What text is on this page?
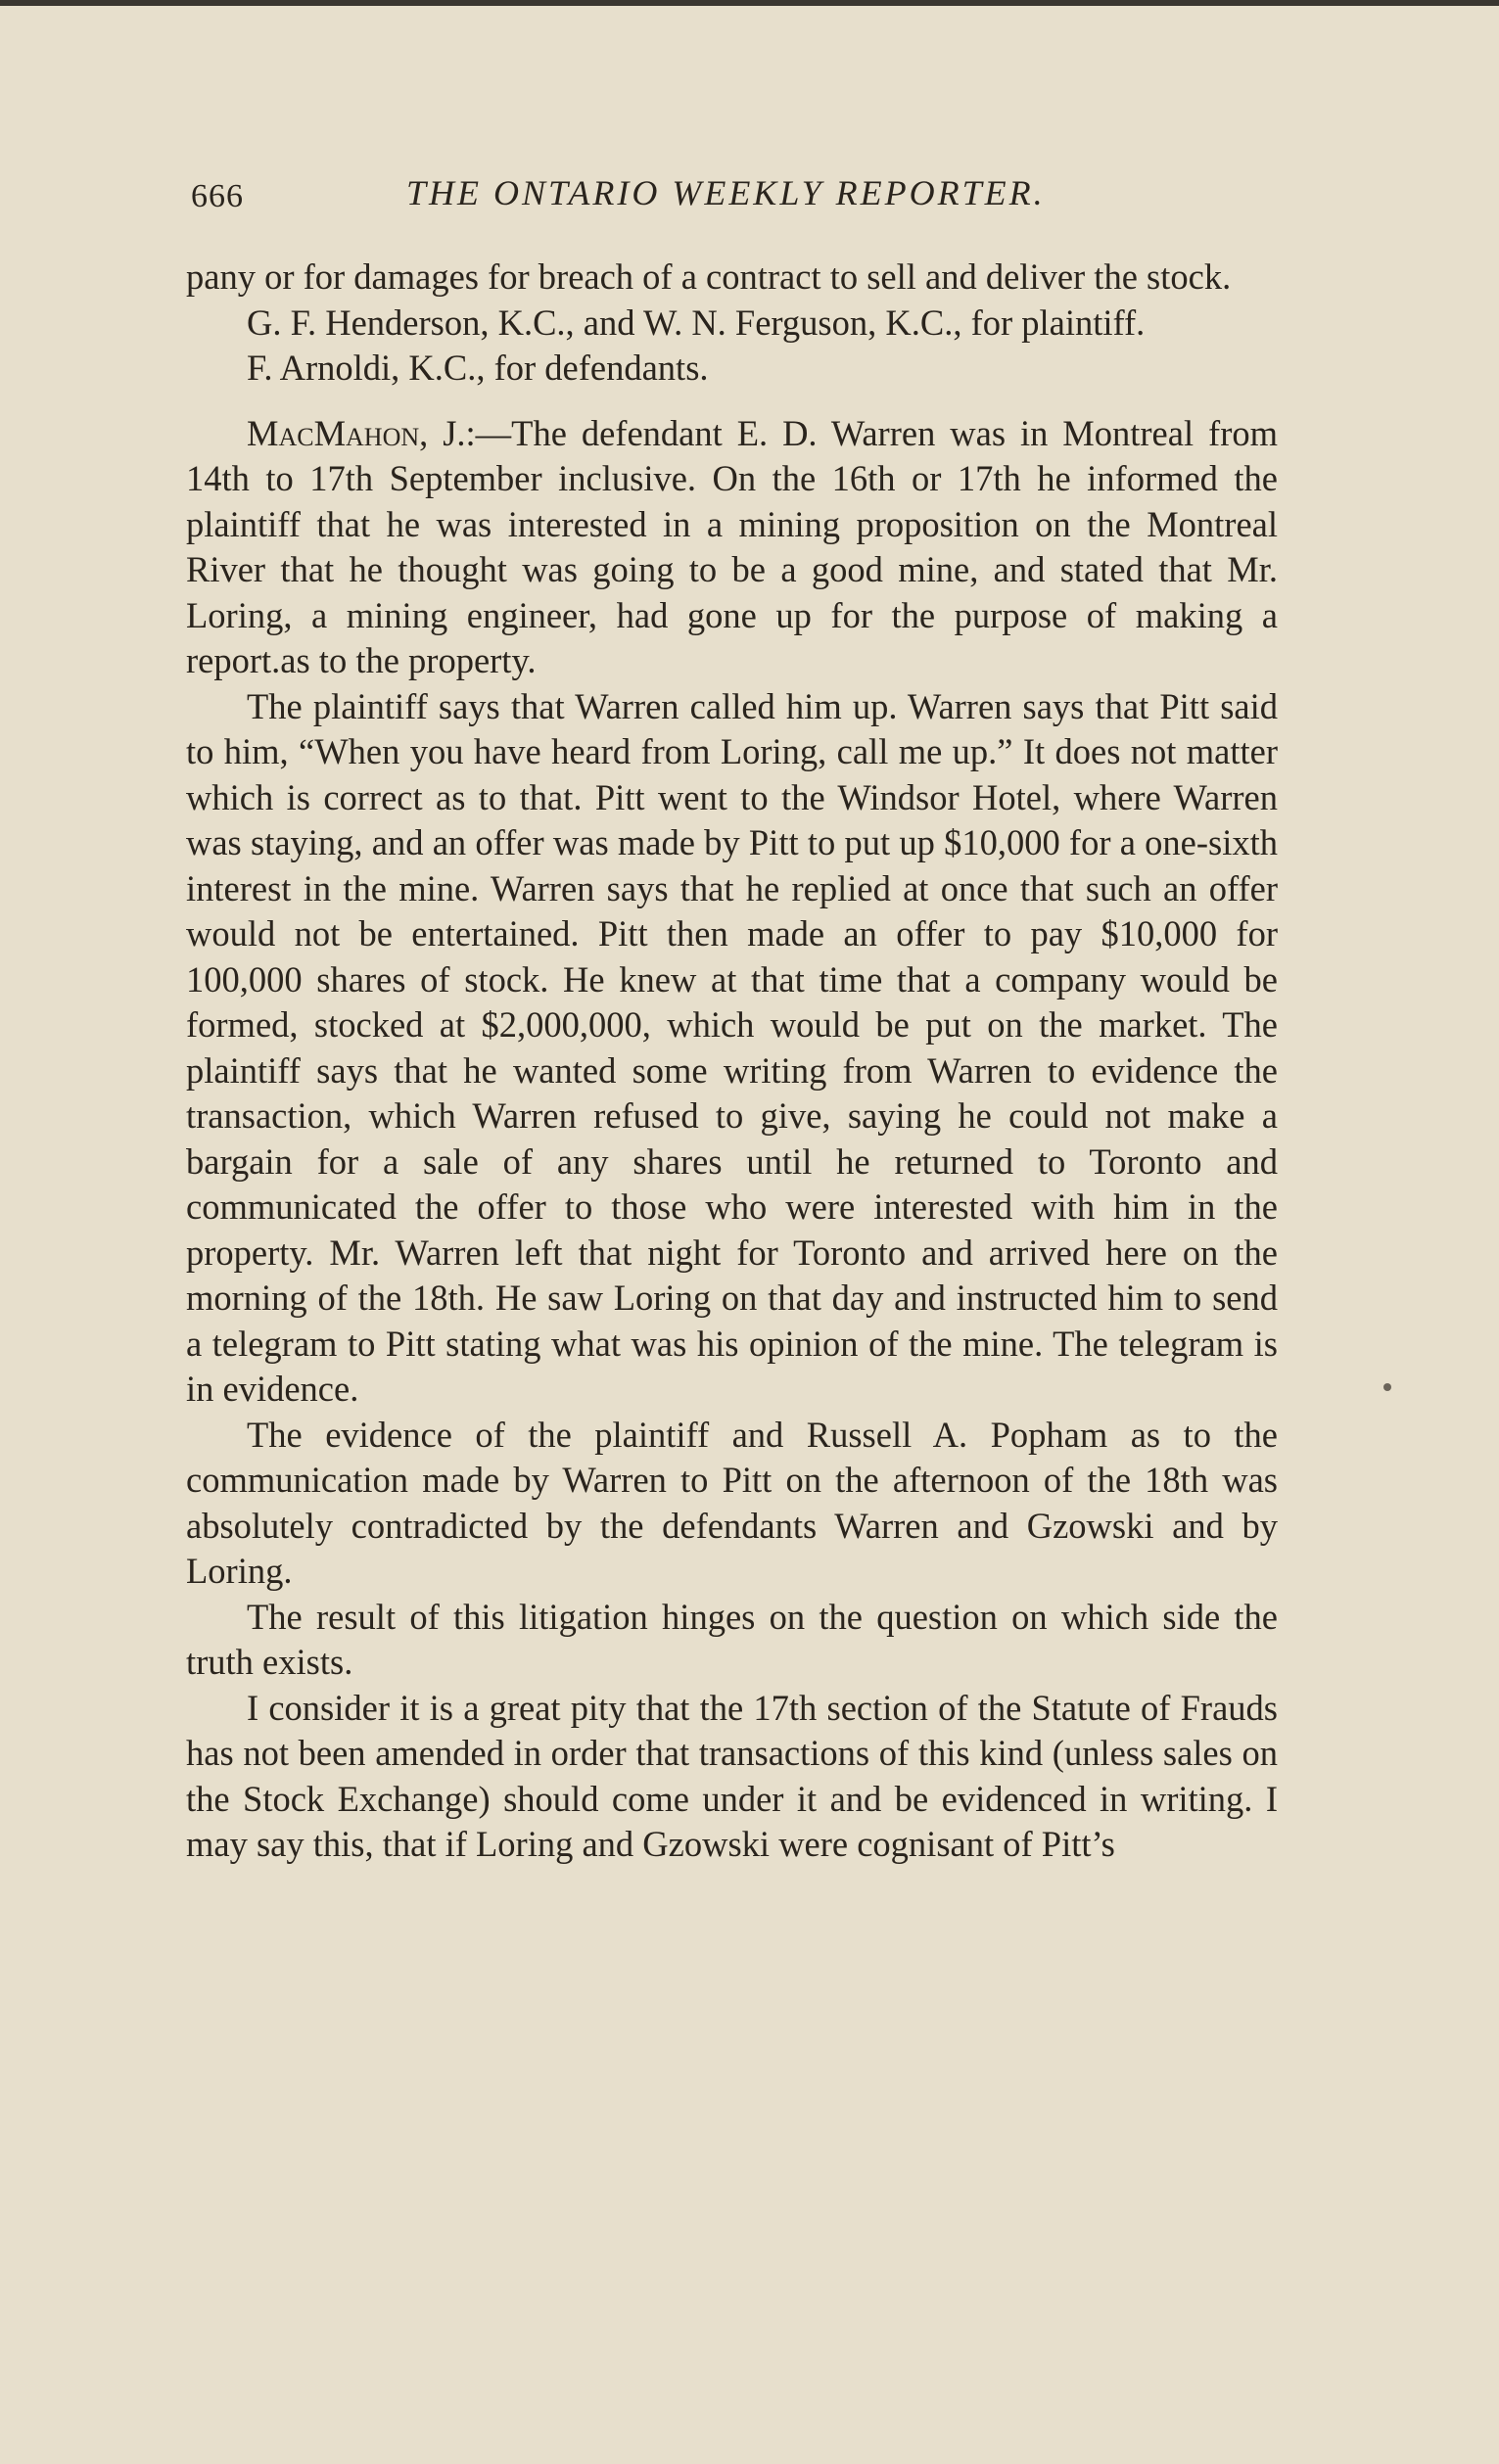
666	THE ONTARIO WEEKLY REPORTER.

pany or for damages for breach of a contract to sell and deliver the stock.

G. F. Henderson, K.C., and W. N. Ferguson, K.C., for plaintiff.

F. Arnoldi, K.C., for defendants.

MacMahon, J.:—The defendant E. D. Warren was in Montreal from 14th to 17th September inclusive. On the 16th or 17th he informed the plaintiff that he was interested in a mining proposition on the Montreal River that he thought was going to be a good mine, and stated that Mr. Loring, a mining engineer, had gone up for the purpose of making a report.as to the property.

The plaintiff says that Warren called him up. Warren says that Pitt said to him, “When you have heard from Loring, call me up.” It does not matter which is correct as to that. Pitt went to the Windsor Hotel, where Warren was staying, and an offer was made by Pitt to put up $10,000 for a one-sixth interest in the mine. Warren says that he replied at once that such an offer would not be entertained. Pitt then made an offer to pay $10,000 for 100,000 shares of stock. He knew at that time that a company would be formed, stocked at $2,000,000, which would be put on the market. The plaintiff says that he wanted some writing from Warren to evidence the transaction, which Warren refused to give, saying he could not make a bargain for a sale of any shares until he returned to Toronto and communicated the offer to those who were interested with him in the property. Mr. Warren left that night for Toronto and arrived here on the morning of the 18th. He saw Loring on that day and instructed him to send a telegram to Pitt stating what was his opinion of the mine. The telegram is in evidence.

The evidence of the plaintiff and Russell A. Popham as to the communication made by Warren to Pitt on the afternoon of the 18th was absolutely contradicted by the defendants Warren and Gzowski and by Loring.

The result of this litigation hinges on the question on which side the truth exists.

I consider it is a great pity that the 17th section of the Statute of Frauds has not been amended in order that transactions of this kind (unless sales on the Stock Exchange) should come under it and be evidenced in writing. I may say this, that if Loring and Gzowski were cognisant of Pitt’s
